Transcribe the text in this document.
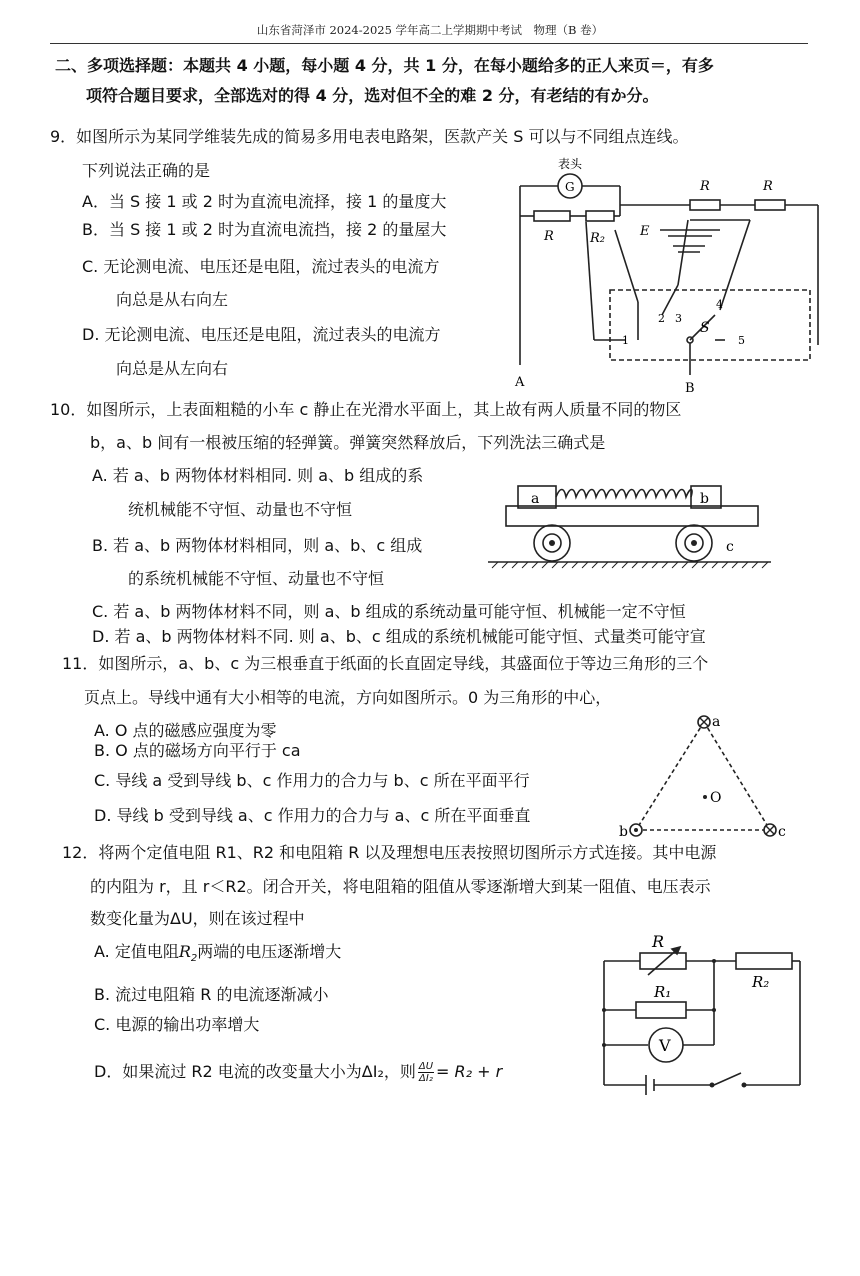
山东省菏泽市 2024-2025 学年高二上学期期中考试　物理（B 卷）
二、多项选择题：本题共 4 小题，每小题 4 分，共 1 分，在每小题给多的正人来页＝，有多
项符合题目要求，全部选对的得 4 分，选对但不全的难 2 分，有老结的有か分。
9．如图所示为某同学维装先成的简易多用电表电路架，医款产关 S 可以与不同组点连线。
下列说法正确的是
A．当 S 接 1 或 2 时为直流电流择，接 1 的量度大
B．当 S 接 1 或 2 时为直流电流挡，接 2 的量屋大
C. 无论测电流、电压还是电阻，流过表头的电流方
向总是从右向左
D. 无论测电流、电压还是电阻，流过表头的电流方
向总是从左向右
表头
G
R	R₂
R	R
E
S
1
2 3
4
5
A	B
10．如图所示，上表面粗糙的小车 c 静止在光滑水平面上，其上故有两人质量不同的物区
b，a、b 间有一根被压缩的轻弹簧。弹簧突然释放后，下列洗法三确式是
A. 若 a、b 两物体材料相同. 则 a、b 组成的系
统机械能不守恒、动量也不守恒
B. 若 a、b 两物体材料相同，则 a、b、c 组成
的系统机械能不守恒、动量也不守恒
C. 若 a、b 两物体材料不同，则 a、b 组成的系统动量可能守恒、机械能一定不守恒
D. 若 a、b 两物体材料不同. 则 a、b、c 组成的系统机械能可能守恒、式量类可能守宣
a	b
c
11．如图所示，a、b、c 为三根垂直于纸面的长直固定导线，其盛面位于等边三角形的三个
页点上。导线中通有大小相等的电流，方向如图所示。0 为三角形的中心，
A. O 点的磁感应强度为零
B. O 点的磁场方向平行于 ca
C. 导线 a 受到导线 b、c 作用力的合力与 b、c 所在平面平行
D. 导线 b 受到导线 a、c 作用力的合力与 a、c 所在平面垂直
a
b	c
O
12．将两个定值电阻 R1、R2 和电阻箱 R 以及理想电压表按照切图所示方式连接。其中电源
的内阻为 r，且 r＜R2。闭合开关，将电阻箱的阻值从零逐渐增大到某一阻值、电压表示
数变化量为ΔU，则在该过程中
A. 定值电阻$R_2$两端的电压逐渐增大
B. 流过电阻箱 R 的电流逐渐减小
C. 电源的输出功率增大
D．如果流过 R2 电流的改变量大小为ΔI₂，则 $\frac{\Delta U}{\text{ΔI₂}} = R_2 + r$
R
R₁
R₂
V
